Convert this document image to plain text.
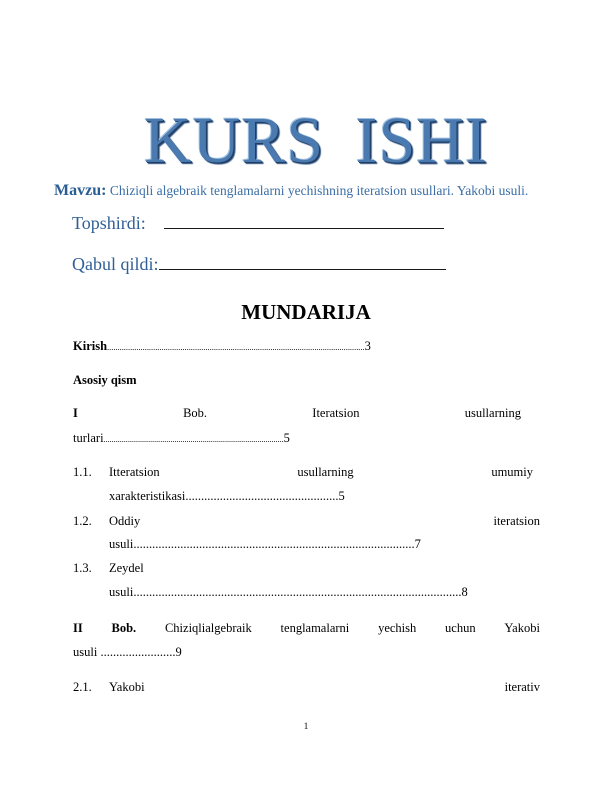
KURS ISHI
Mavzu: Chiziqli algebraik tenglamalarni yechishning iteratsion usullari. Yakobi usuli.
Topshirdi:
Qabul qildi:
MUNDARIJA
Kirish...........................................................................................................................3
Asosiy qism
I	Bob.	Iteratsion	usullarning
turlari.........................................................................................5
1.1. Itteratsion	usullarning	umumiy
xarakteristikasi.................................................5
1.2. Oddiy	iteratsion
usuli..........................................................................................7
1.3. Zeydel
usuli.........................................................................................................8
II Bob. Chiziqlialgebraik tenglamalarni yechish uchun Yakobi
usuli ........................9
2.1. Yakobi	iterativ
1
